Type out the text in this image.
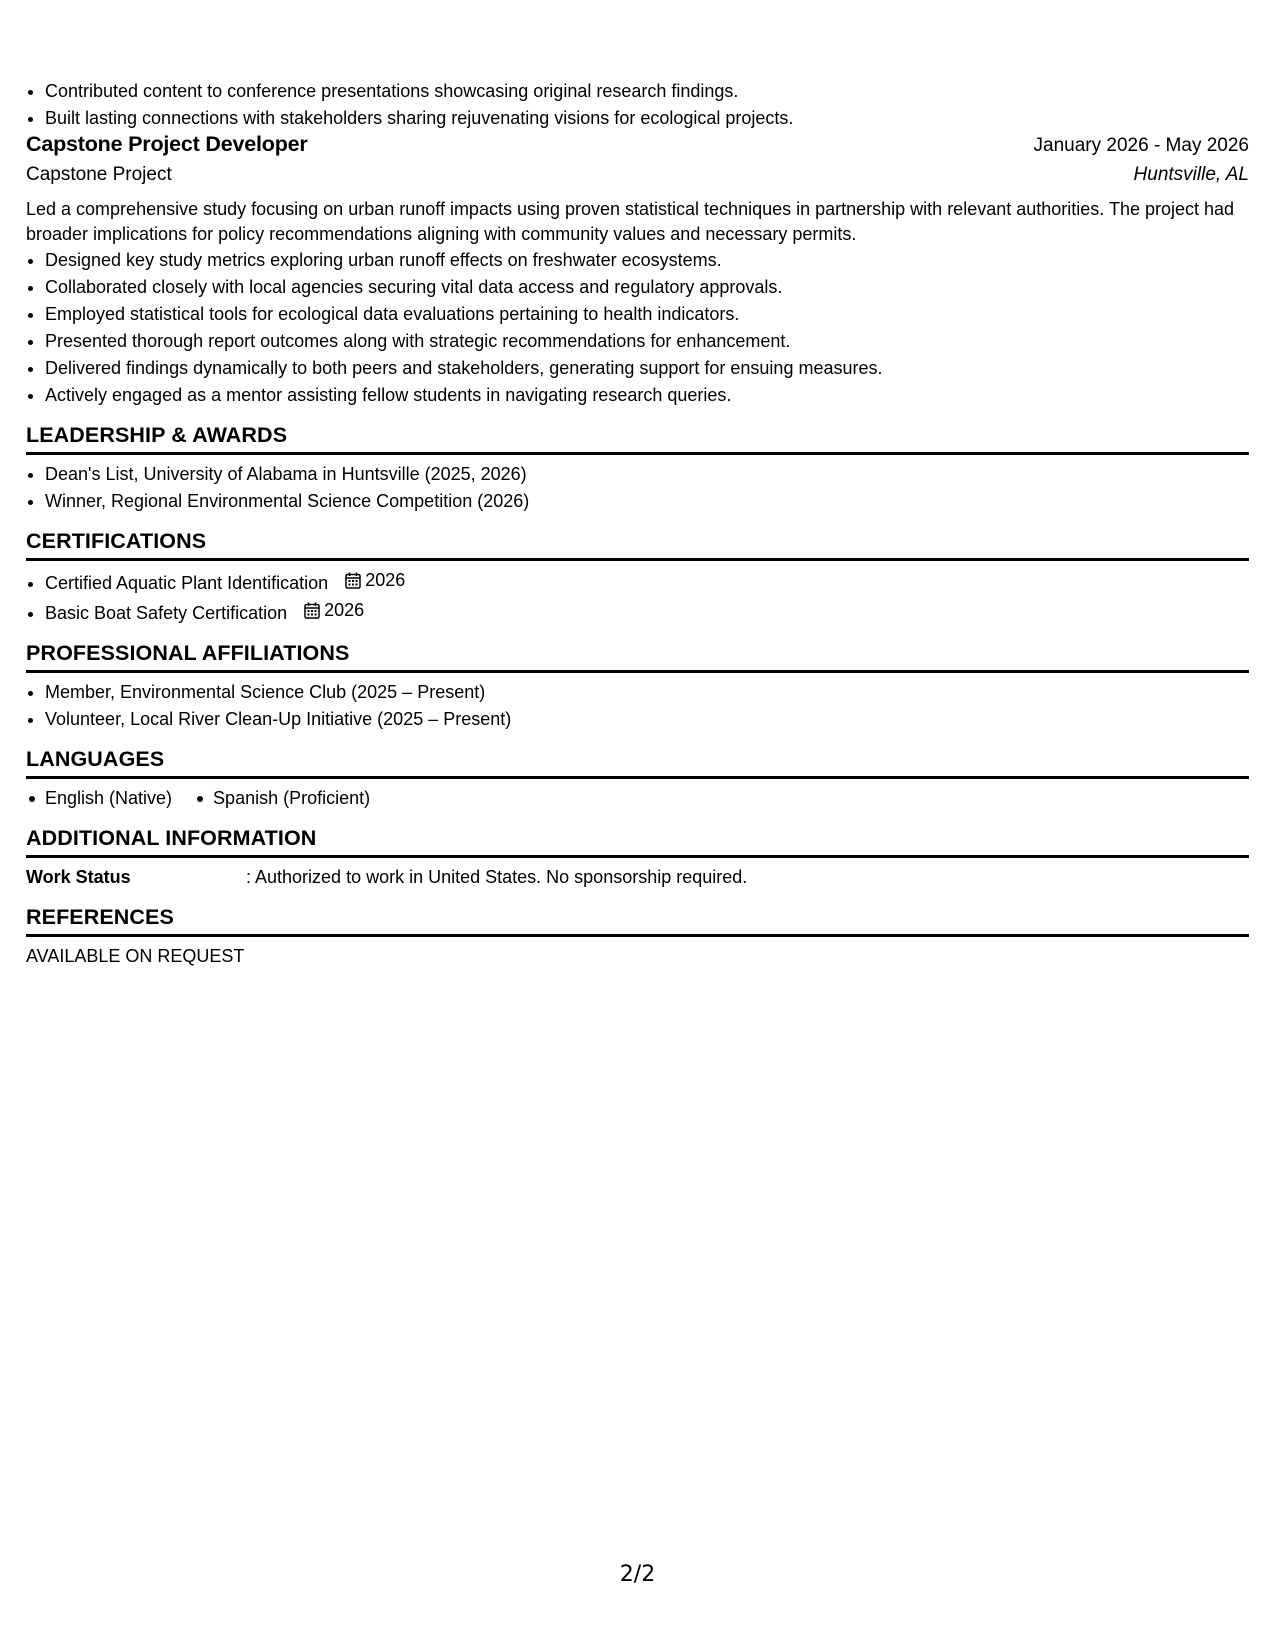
• Contributed content to conference presentations showcasing original research findings.
• Built lasting connections with stakeholders sharing rejuvenating visions for ecological projects.
Capstone Project Developer	January 2026 - May 2026
Capstone Project	Huntsville, AL

Led a comprehensive study focusing on urban runoff impacts using proven statistical techniques in partnership with relevant authorities. The project had broader implications for policy recommendations aligning with community values and necessary permits.

• Designed key study metrics exploring urban runoff effects on freshwater ecosystems.
• Collaborated closely with local agencies securing vital data access and regulatory approvals.
• Employed statistical tools for ecological data evaluations pertaining to health indicators.
• Presented thorough report outcomes along with strategic recommendations for enhancement.
• Delivered findings dynamically to both peers and stakeholders, generating support for ensuing measures.
• Actively engaged as a mentor assisting fellow students in navigating research queries.
LEADERSHIP & AWARDS
• Dean's List, University of Alabama in Huntsville (2025, 2026)
• Winner, Regional Environmental Science Competition (2026)
CERTIFICATIONS
• Certified Aquatic Plant Identification 2026
• Basic Boat Safety Certification 2026
PROFESSIONAL AFFILIATIONS
• Member, Environmental Science Club (2025 – Present)
• Volunteer, Local River Clean-Up Initiative (2025 – Present)
LANGUAGES
English (Native)	Spanish (Proficient)
ADDITIONAL INFORMATION
Work Status	: Authorized to work in United States. No sponsorship required.
REFERENCES
AVAILABLE ON REQUEST
2/2
